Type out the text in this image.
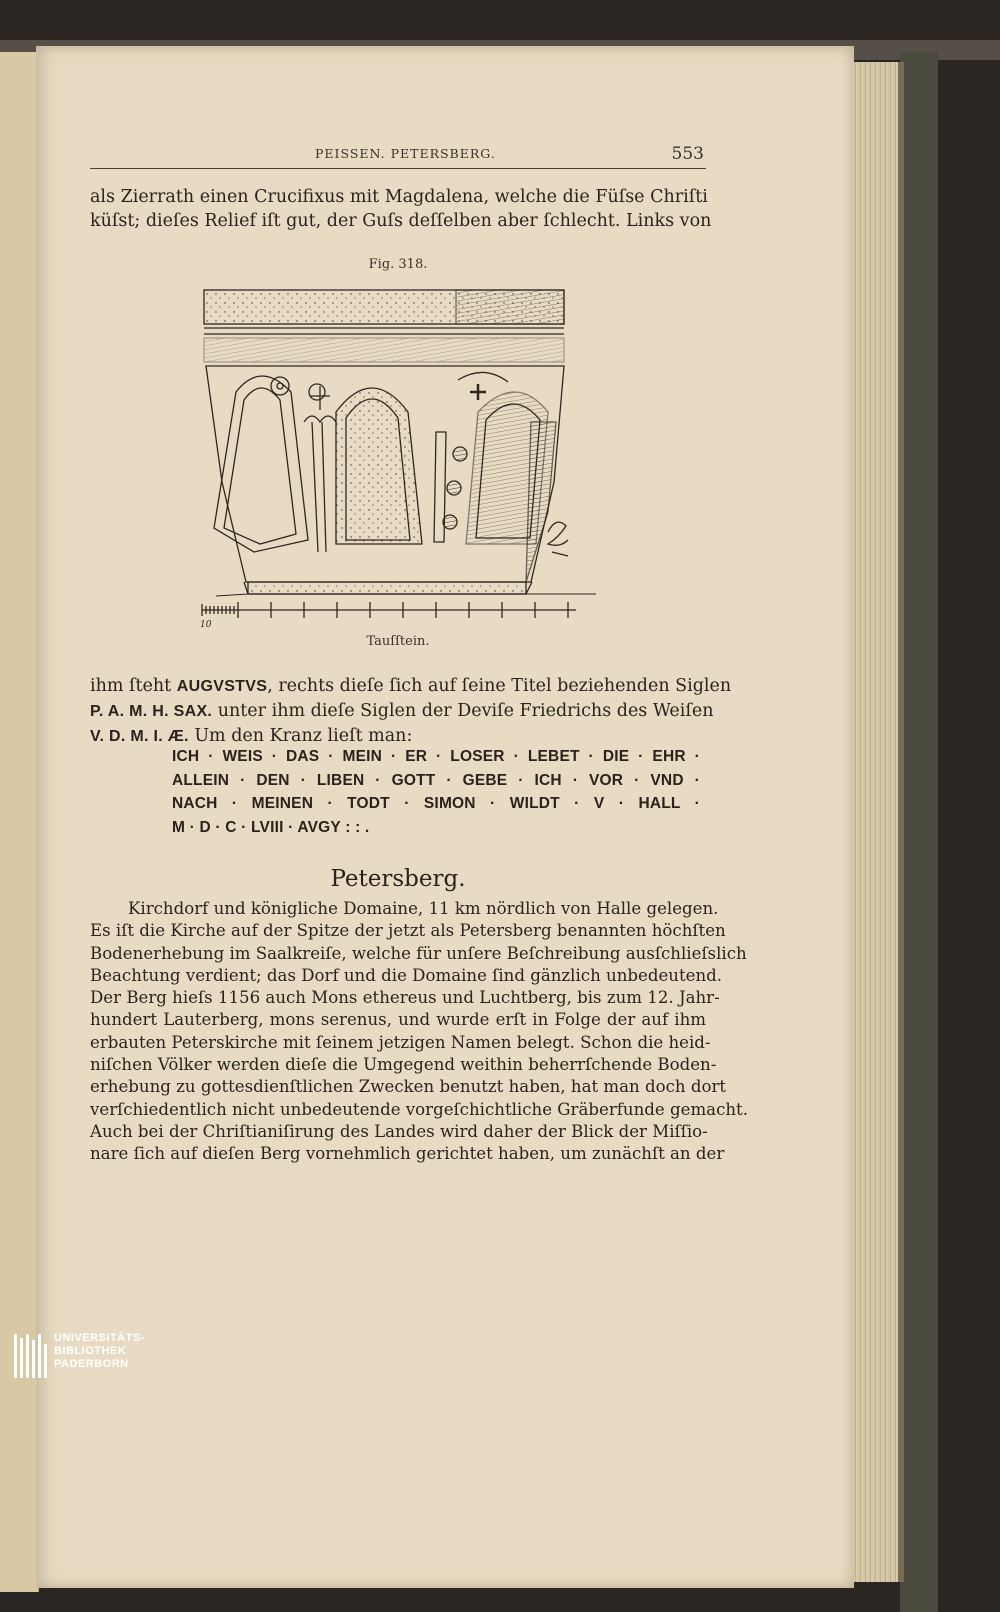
PEISSEN. PETERSBERG.	553
als Zierrath einen Crucifixus mit Magdalena, welche die Füſse Chriſti
küſst; dieſes Relief iſt gut, der Guſs deſſelben aber ſchlecht. Links von
Fig. 318.
10
Tauſſtein.
ihm ſteht AUGVSTVS, rechts dieſe ſich auf ſeine Titel beziehenden Siglen
P. A. M. H. SAX. unter ihm dieſe Siglen der Deviſe Friedrichs des Weiſen
V. D. M. I. Æ. Um den Kranz lieſt man:
ICH · WEIS · DAS · MEIN · ER · LOSER · LEBET · DIE · EHR ·
ALLEIN · DEN · LIBEN · GOTT · GEBE · ICH · VOR · VND ·
NACH · MEINEN · TODT · SIMON · WILDT · V · HALL ·
M · D · C · LVIII · AVGY : : .
Petersberg.
Kirchdorf und königliche Domaine, 11 km nördlich von Halle gelegen.
Es iſt die Kirche auf der Spitze der jetzt als Petersberg benannten höchſten
Bodenerhebung im Saalkreiſe, welche für unſere Beſchreibung ausſchlieſslich
Beachtung verdient; das Dorf und die Domaine ſind gänzlich unbedeutend.
Der Berg hieſs 1156 auch Mons ethereus und Luchtberg, bis zum 12. Jahr-
hundert Lauterberg, mons serenus, und wurde erſt in Folge der auf ihm
erbauten Peterskirche mit ſeinem jetzigen Namen belegt. Schon die heid-
niſchen Völker werden dieſe die Umgegend weithin beherrſchende Boden-
erhebung zu gottesdienſtlichen Zwecken benutzt haben, hat man doch dort
verſchiedentlich nicht unbedeutende vorgeſchichtliche Gräberfunde gemacht.
Auch bei der Chriſtianiſirung des Landes wird daher der Blick der Miſſio-
nare ſich auf dieſen Berg vornehmlich gerichtet haben, um zunächſt an der
UNIVERSITÄTS-
BIBLIOTHEK
PADERBORN
